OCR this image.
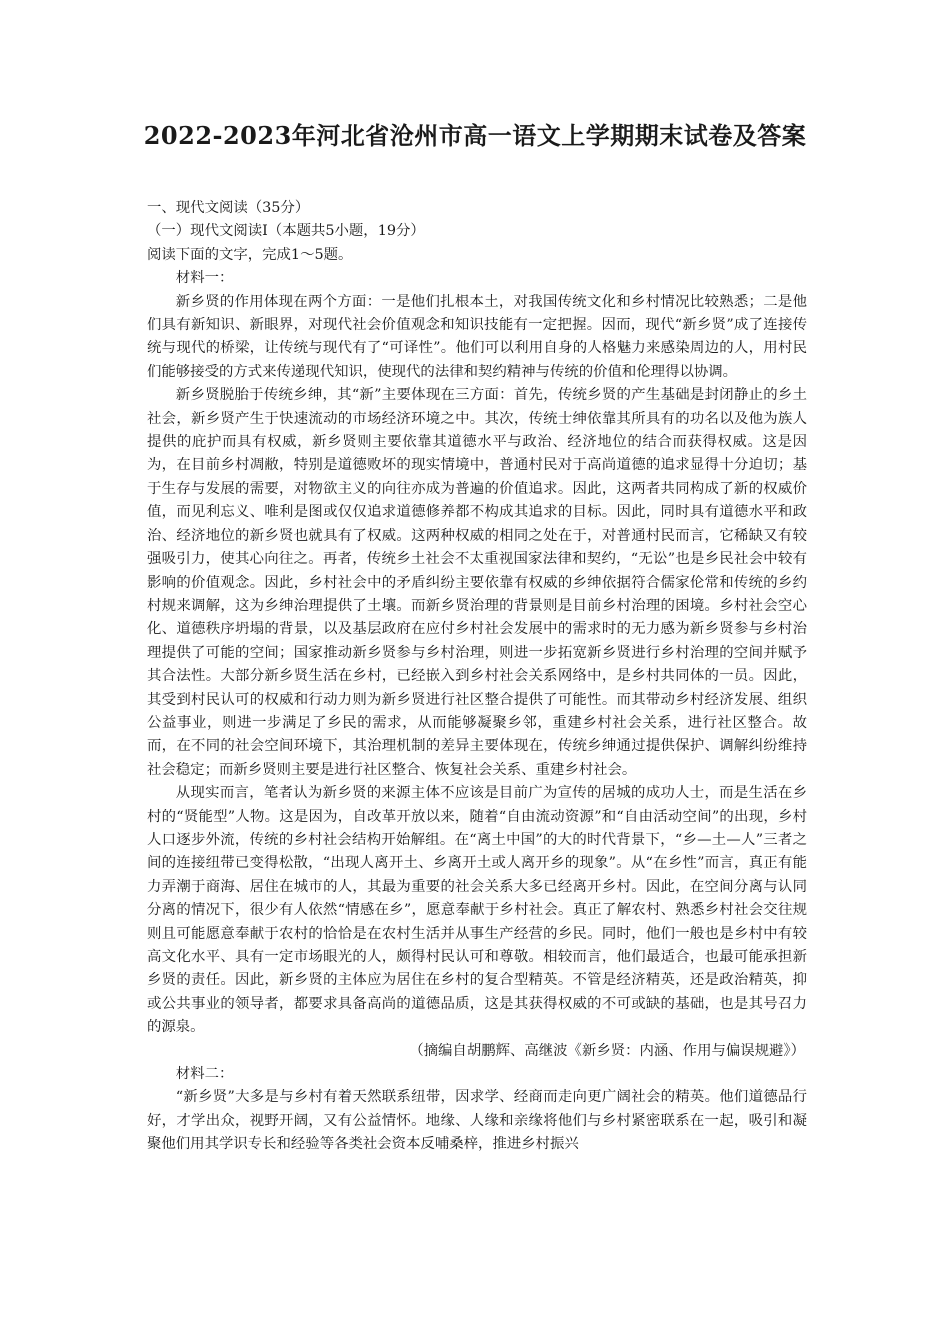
2022-2023年河北省沧州市高一语文上学期期末试卷及答案

一、现代文阅读（35分）

（一）现代文阅读Ⅰ（本题共5小题，19分）

阅读下面的文字，完成1～5题。

材料一：

新乡贤的作用体现在两个方面：一是他们扎根本土，对我国传统文化和乡村情况比较熟悉；二是他们具有新知识、新眼界，对现代社会价值观念和知识技能有一定把握。因而，现代“新乡贤”成了连接传统与现代的桥梁，让传统与现代有了“可译性”。他们可以利用自身的人格魅力来感染周边的人，用村民们能够接受的方式来传递现代知识，使现代的法律和契约精神与传统的价值和伦理得以协调。

新乡贤脱胎于传统乡绅，其“新”主要体现在三方面：首先，传统乡贤的产生基础是封闭静止的乡土社会，新乡贤产生于快速流动的市场经济环境之中。其次，传统士绅依靠其所具有的功名以及他为族人提供的庇护而具有权威，新乡贤则主要依靠其道德水平与政治、经济地位的结合而获得权威。这是因为，在目前乡村凋敝，特别是道德败坏的现实情境中，普通村民对于高尚道德的追求显得十分迫切；基于生存与发展的需要，对物欲主义的向往亦成为普遍的价值追求。因此，这两者共同构成了新的权威价值，而见利忘义、唯利是图或仅仅追求道德修养都不构成其追求的目标。因此，同时具有道德水平和政治、经济地位的新乡贤也就具有了权威。这两种权威的相同之处在于，对普通村民而言，它稀缺又有较强吸引力，使其心向往之。再者，传统乡土社会不太重视国家法律和契约，“无讼”也是乡民社会中较有影响的价值观念。因此，乡村社会中的矛盾纠纷主要依靠有权威的乡绅依据符合儒家伦常和传统的乡约村规来调解，这为乡绅治理提供了土壤。而新乡贤治理的背景则是目前乡村治理的困境。乡村社会空心化、道德秩序坍塌的背景，以及基层政府在应付乡村社会发展中的需求时的无力感为新乡贤参与乡村治理提供了可能的空间；国家推动新乡贤参与乡村治理，则进一步拓宽新乡贤进行乡村治理的空间并赋予其合法性。大部分新乡贤生活在乡村，已经嵌入到乡村社会关系网络中，是乡村共同体的一员。因此，其受到村民认可的权威和行动力则为新乡贤进行社区整合提供了可能性。而其带动乡村经济发展、组织公益事业，则进一步满足了乡民的需求，从而能够凝聚乡邻，重建乡村社会关系，进行社区整合。故而，在不同的社会空间环境下，其治理机制的差异主要体现在，传统乡绅通过提供保护、调解纠纷维持社会稳定；而新乡贤则主要是进行社区整合、恢复社会关系、重建乡村社会。

从现实而言，笔者认为新乡贤的来源主体不应该是目前广为宣传的居城的成功人士，而是生活在乡村的“贤能型”人物。这是因为，自改革开放以来，随着“自由流动资源”和“自由活动空间”的出现，乡村人口逐步外流，传统的乡村社会结构开始解组。在“离土中国”的大的时代背景下，“乡—土—人”三者之间的连接纽带已变得松散，“出现人离开土、乡离开土或人离开乡的现象”。从“在乡性”而言，真正有能力弄潮于商海、居住在城市的人，其最为重要的社会关系大多已经离开乡村。因此，在空间分离与认同分离的情况下，很少有人依然“情感在乡”，愿意奉献于乡村社会。真正了解农村、熟悉乡村社会交往规则且可能愿意奉献于农村的恰恰是在农村生活并从事生产经营的乡民。同时，他们一般也是乡村中有较高文化水平、具有一定市场眼光的人，颇得村民认可和尊敬。相较而言，他们最适合，也最可能承担新乡贤的责任。因此，新乡贤的主体应为居住在乡村的复合型精英。不管是经济精英，还是政治精英，抑或公共事业的领导者，都要求具备高尚的道德品质，这是其获得权威的不可或缺的基础，也是其号召力的源泉。

（摘编自胡鹏辉、高继波《新乡贤：内涵、作用与偏误规避》）

材料二：

“新乡贤”大多是与乡村有着天然联系纽带，因求学、经商而走向更广阔社会的精英。他们道德品行好，才学出众，视野开阔，又有公益情怀。地缘、人缘和亲缘将他们与乡村紧密联系在一起，吸引和凝聚他们用其学识专长和经验等各类社会资本反哺桑梓，推进乡村振兴
